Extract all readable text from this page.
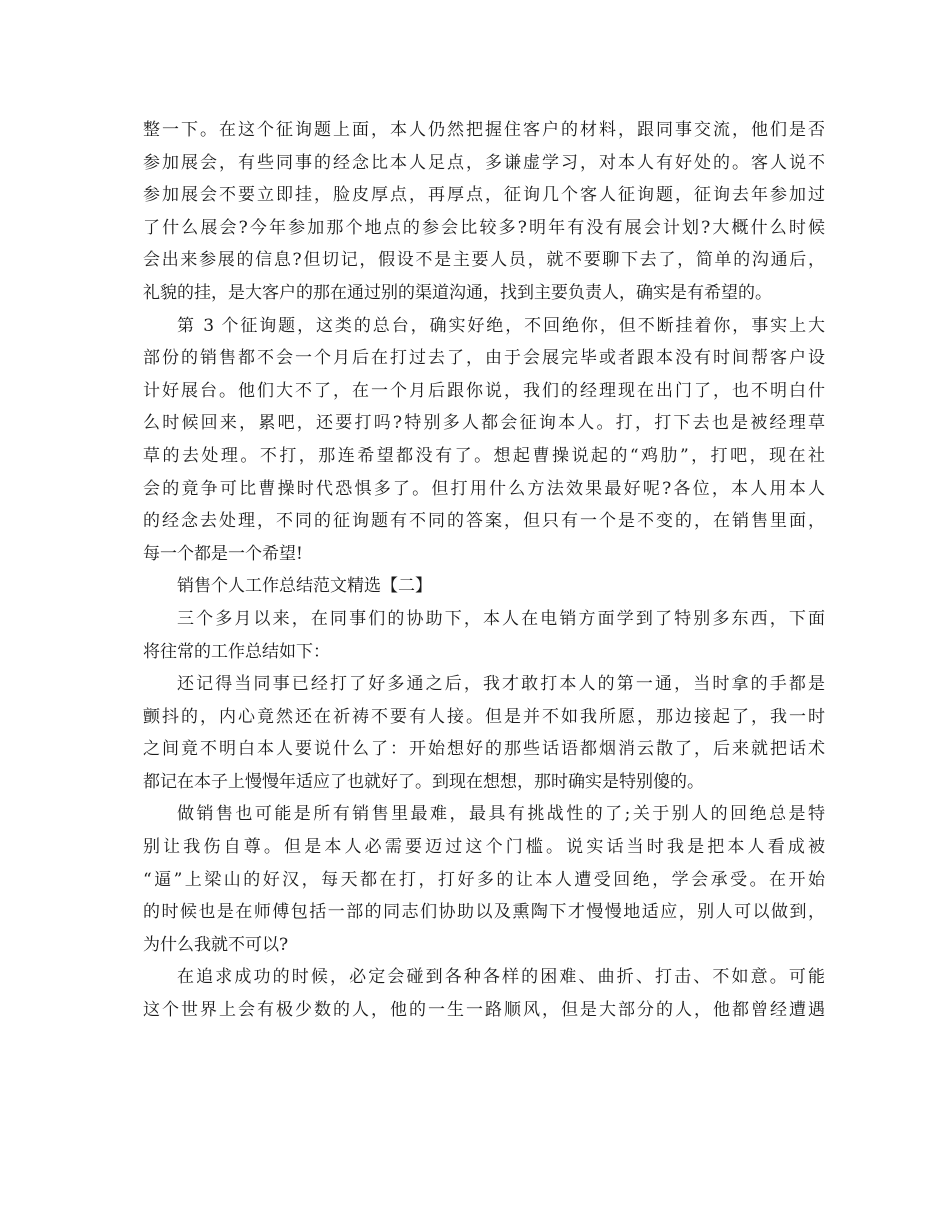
整一下。在这个征询题上面，本人仍然把握住客户的材料，跟同事交流，他们是否
参加展会，有些同事的经念比本人足点，多谦虚学习，对本人有好处的。客人说不
参加展会不要立即挂，脸皮厚点，再厚点，征询几个客人征询题，征询去年参加过
了什么展会?今年参加那个地点的参会比较多?明年有没有展会计划?大概什么时候
会出来参展的信息?但切记，假设不是主要人员，就不要聊下去了，简单的沟通后，
礼貌的挂，是大客户的那在通过别的渠道沟通，找到主要负责人，确实是有希望的。
第 3 个征询题，这类的总台，确实好绝，不回绝你，但不断挂着你，事实上大
部份的销售都不会一个月后在打过去了，由于会展完毕或者跟本没有时间帮客户设
计好展台。他们大不了，在一个月后跟你说，我们的经理现在出门了，也不明白什
么时候回来，累吧，还要打吗?特别多人都会征询本人。打，打下去也是被经理草
草的去处理。不打，那连希望都没有了。想起曹操说起的“鸡肋”，打吧，现在社
会的竟争可比曹操时代恐惧多了。但打用什么方法效果最好呢?各位，本人用本人
的经念去处理，不同的征询题有不同的答案，但只有一个是不变的，在销售里面，
每一个都是一个希望!
销售个人工作总结范文精选【二】
三个多月以来，在同事们的协助下，本人在电销方面学到了特别多东西，下面
将往常的工作总结如下：
还记得当同事已经打了好多通之后，我才敢打本人的第一通，当时拿的手都是
颤抖的，内心竟然还在祈祷不要有人接。但是并不如我所愿，那边接起了，我一时
之间竟不明白本人要说什么了：开始想好的那些话语都烟消云散了，后来就把话术
都记在本子上慢慢年适应了也就好了。到现在想想，那时确实是特别傻的。
做销售也可能是所有销售里最难，最具有挑战性的了;关于别人的回绝总是特
别让我伤自尊。但是本人必需要迈过这个门槛。说实话当时我是把本人看成被
“逼”上梁山的好汉，每天都在打，打好多的让本人遭受回绝，学会承受。在开始
的时候也是在师傅包括一部的同志们协助以及熏陶下才慢慢地适应，别人可以做到，
为什么我就不可以?
在追求成功的时候，必定会碰到各种各样的困难、曲折、打击、不如意。可能
这个世界上会有极少数的人，他的一生一路顺风，但是大部分的人，他都曾经遭遇
